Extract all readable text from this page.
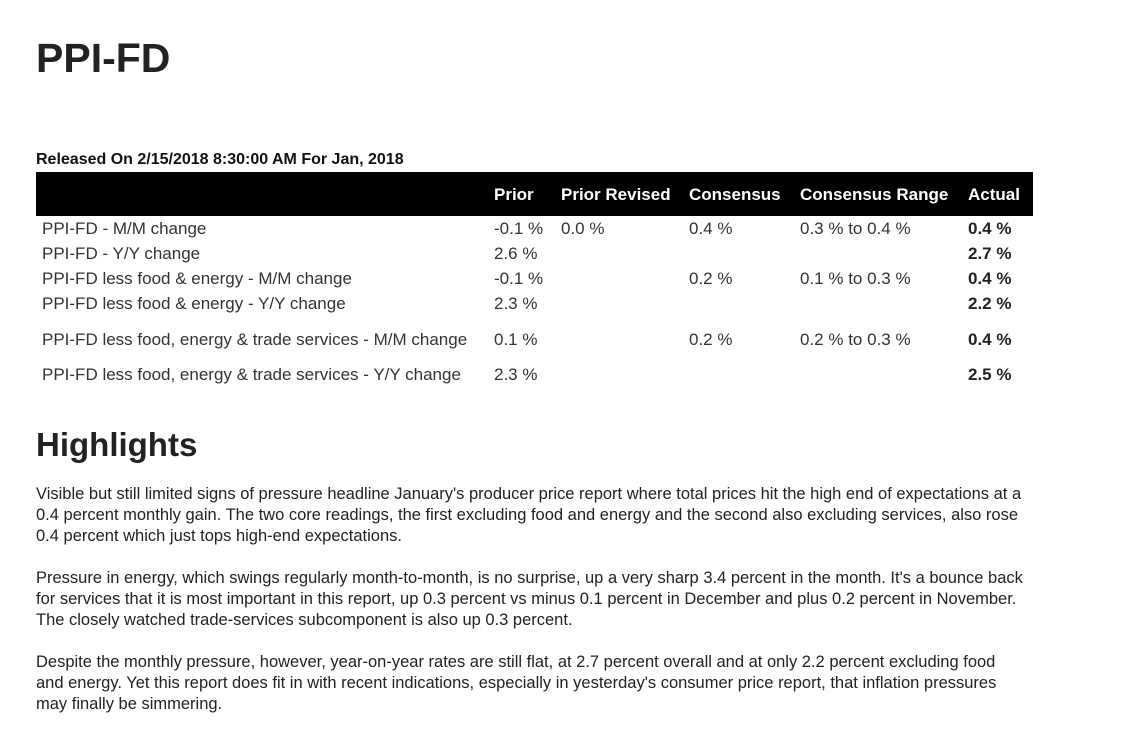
PPI-FD
Released On 2/15/2018 8:30:00 AM For Jan, 2018
	Prior	Prior Revised	Consensus	Consensus Range	Actual
PPI-FD - M/M change	-0.1 %	0.0 %	0.4 %	0.3 % to 0.4 %	0.4 %
PPI-FD - Y/Y change	2.6 %				2.7 %
PPI-FD less food & energy - M/M change	-0.1 %		0.2 %	0.1 % to 0.3 %	0.4 %
PPI-FD less food & energy - Y/Y change	2.3 %				2.2 %
PPI-FD less food, energy & trade services - M/M change	0.1 %		0.2 %	0.2 % to 0.3 %	0.4 %
PPI-FD less food, energy & trade services - Y/Y change	2.3 %				2.5 %
Highlights

Visible but still limited signs of pressure headline January's producer price report where total prices hit the high end of expectations at a 0.4 percent monthly gain. The two core readings, the first excluding food and energy and the second also excluding services, also rose 0.4 percent which just tops high-end expectations.

Pressure in energy, which swings regularly month-to-month, is no surprise, up a very sharp 3.4 percent in the month. It's a bounce back for services that it is most important in this report, up 0.3 percent vs minus 0.1 percent in December and plus 0.2 percent in November. The closely watched trade-services subcomponent is also up 0.3 percent.

Despite the monthly pressure, however, year-on-year rates are still flat, at 2.7 percent overall and at only 2.2 percent excluding food and energy. Yet this report does fit in with recent indications, especially in yesterday's consumer price report, that inflation pressures may finally be simmering.
